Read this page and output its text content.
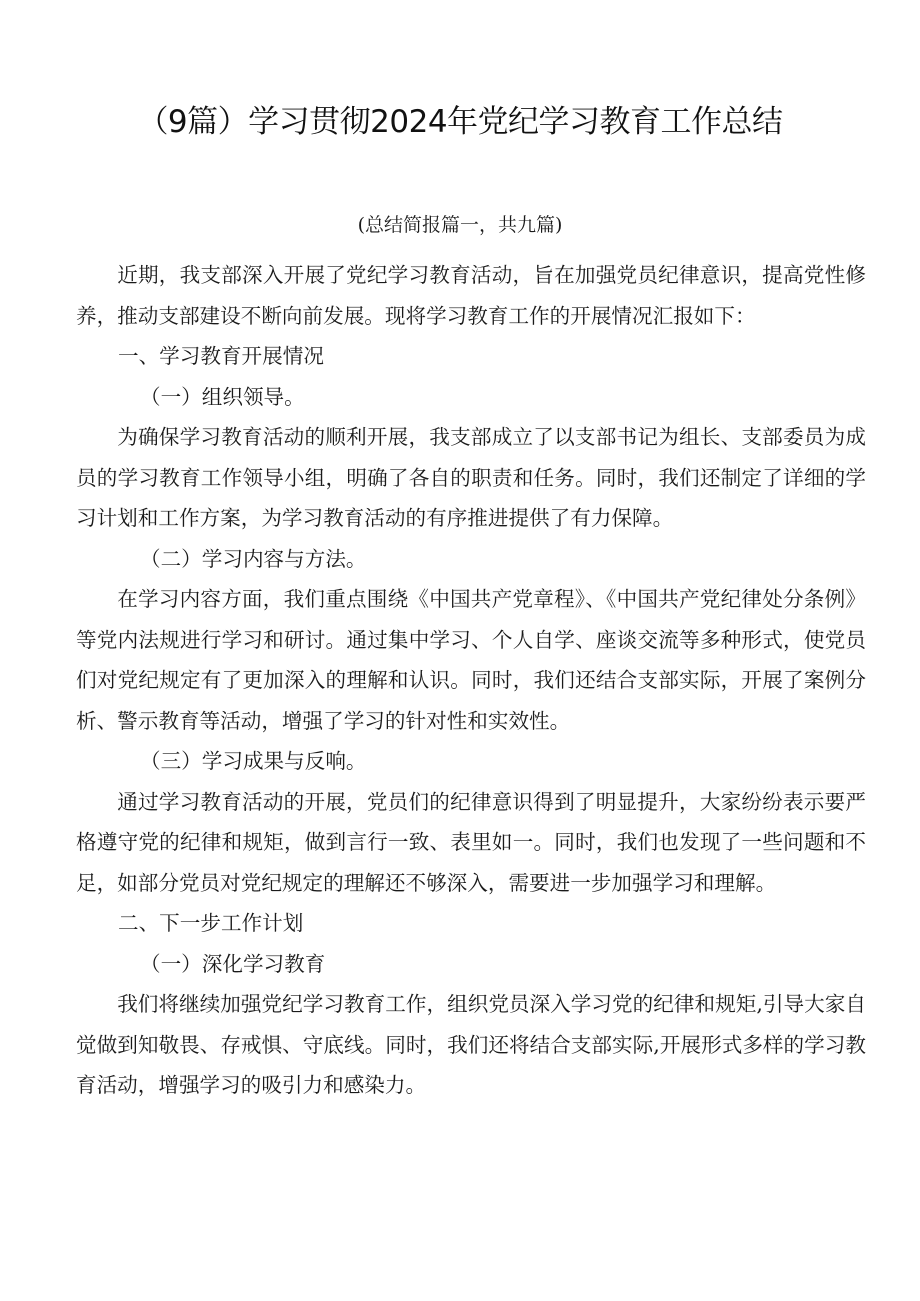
（9篇）学习贯彻2024年党纪学习教育工作总结
(总结简报篇一，共九篇)

近期，我支部深入开展了党纪学习教育活动，旨在加强党员纪律意识，提高党性修养，推动支部建设不断向前发展。现将学习教育工作的开展情况汇报如下：

一、学习教育开展情况

（一）组织领导。

为确保学习教育活动的顺利开展，我支部成立了以支部书记为组长、支部委员为成员的学习教育工作领导小组，明确了各自的职责和任务。同时，我们还制定了详细的学习计划和工作方案，为学习教育活动的有序推进提供了有力保障。

（二）学习内容与方法。

在学习内容方面，我们重点围绕《中国共产党章程》、《中国共产党纪律处分条例》等党内法规进行学习和研讨。通过集中学习、个人自学、座谈交流等多种形式，使党员们对党纪规定有了更加深入的理解和认识。同时，我们还结合支部实际，开展了案例分析、警示教育等活动，增强了学习的针对性和实效性。

（三）学习成果与反响。

通过学习教育活动的开展，党员们的纪律意识得到了明显提升，大家纷纷表示要严格遵守党的纪律和规矩，做到言行一致、表里如一。同时，我们也发现了一些问题和不足，如部分党员对党纪规定的理解还不够深入，需要进一步加强学习和理解。

二、下一步工作计划

（一）深化学习教育

我们将继续加强党纪学习教育工作，组织党员深入学习党的纪律和规矩,引导大家自觉做到知敬畏、存戒惧、守底线。同时，我们还将结合支部实际,开展形式多样的学习教育活动，增强学习的吸引力和感染力。
